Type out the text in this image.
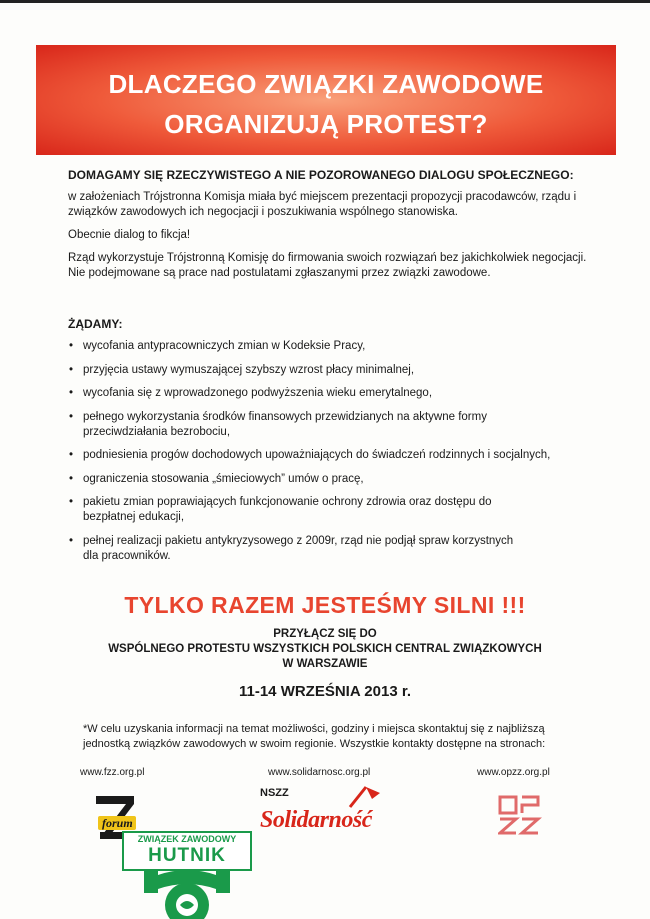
DLACZEGO ZWIĄZKI ZAWODOWE
ORGANIZUJĄ PROTEST?
DOMAGAMY SIĘ RZECZYWISTEGO A NIE POZOROWANEGO DIALOGU SPOŁECZNEGO:

w założeniach Trójstronna Komisja miała być miejscem prezentacji propozycji pracodawców, rządu i związków zawodowych ich negocjacji i poszukiwania wspólnego stanowiska.

Obecnie dialog to fikcja!

Rząd wykorzystuje Trójstronną Komisję do firmowania swoich rozwiązań bez jakichkolwiek negocjacji. Nie podejmowane są prace nad postulatami zgłaszanymi przez związki zawodowe.

ŻĄDAMY:
• wycofania antypracowniczych zmian w Kodeksie Pracy,
• przyjęcia ustawy wymuszającej szybszy wzrost płacy minimalnej,
• wycofania się z wprowadzonego podwyższenia wieku emerytalnego,
• pełnego wykorzystania środków finansowych przewidzianych na aktywne formy przeciwdziałania bezrobociu,
• podniesienia progów dochodowych upoważniających do świadczeń rodzinnych i socjalnych,
• ograniczenia stosowania „śmieciowych” umów o pracę,
• pakietu zmian poprawiających funkcjonowanie ochrony zdrowia oraz dostępu do bezpłatnej edukacji,
• pełnej realizacji pakietu antykryzysowego z 2009r, rząd nie podjął spraw korzystnych dla pracowników.
TYLKO RAZEM JESTEŚMY SILNI !!!
PRZYŁĄCZ SIĘ DO
WSPÓLNEGO PROTESTU WSZYSTKICH POLSKICH CENTRAL ZWIĄZKOWYCH
W WARSZAWIE
11-14 WRZEŚNIA 2013 r.
*W celu uzyskania informacji na temat możliwości, godziny i miejsca skontaktuj się z najbliższą jednostką związków zawodowych w swoim regionie. Wszystkie kontakty dostępne na stronach:
www.fzz.org.pl	www.solidarnosc.org.pl	www.opzz.org.pl
forum
ZWIĄZEK ZAWODOWY
HUTNIK
NSZZ
Solidarność
